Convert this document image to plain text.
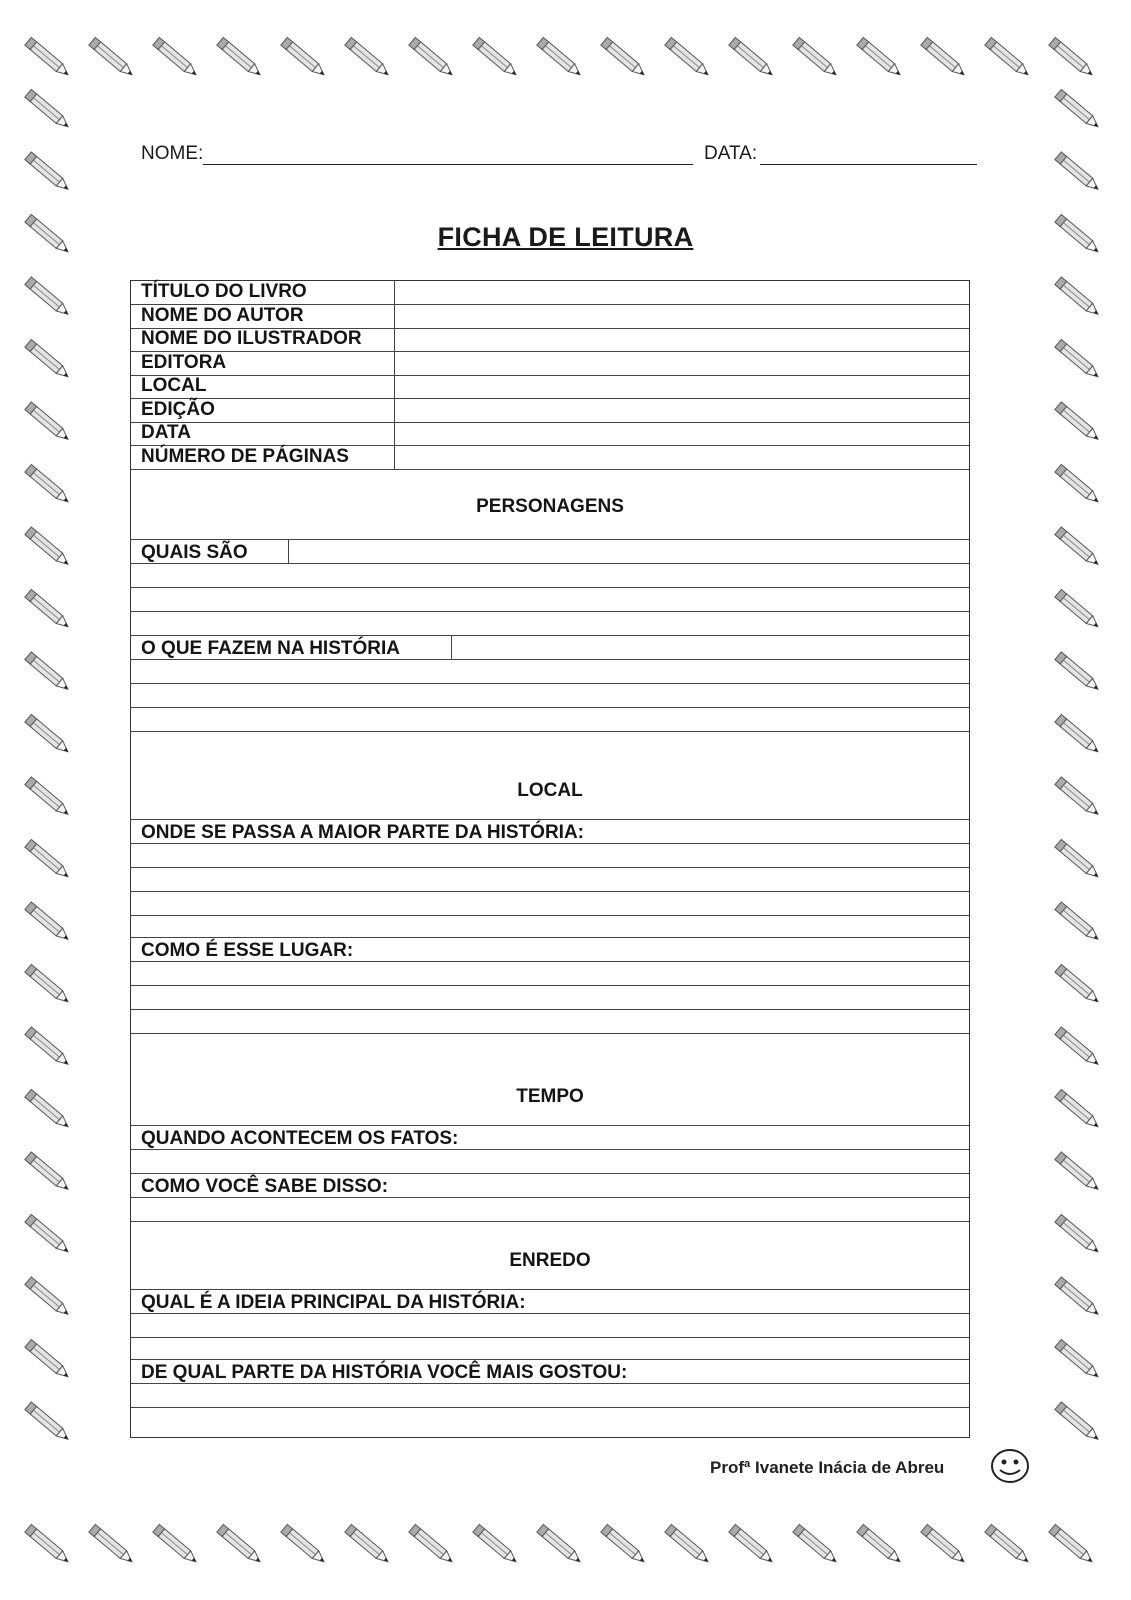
NOME:	DATA:
FICHA DE LEITURA
TÍTULO DO LIVRO
NOME DO AUTOR
NOME DO ILUSTRADOR
EDITORA
LOCAL
EDIÇÃO
DATA
NÚMERO DE PÁGINAS
PERSONAGENS
QUAIS SÃO
O QUE FAZEM NA HISTÓRIA
LOCAL
ONDE SE PASSA A MAIOR PARTE DA HISTÓRIA:
COMO É ESSE LUGAR:
TEMPO
QUANDO ACONTECEM OS FATOS:
COMO VOCÊ SABE DISSO:
ENREDO
QUAL É A IDEIA PRINCIPAL DA HISTÓRIA:
DE QUAL PARTE DA HISTÓRIA VOCÊ MAIS GOSTOU:
Profª Ivanete Inácia de Abreu
